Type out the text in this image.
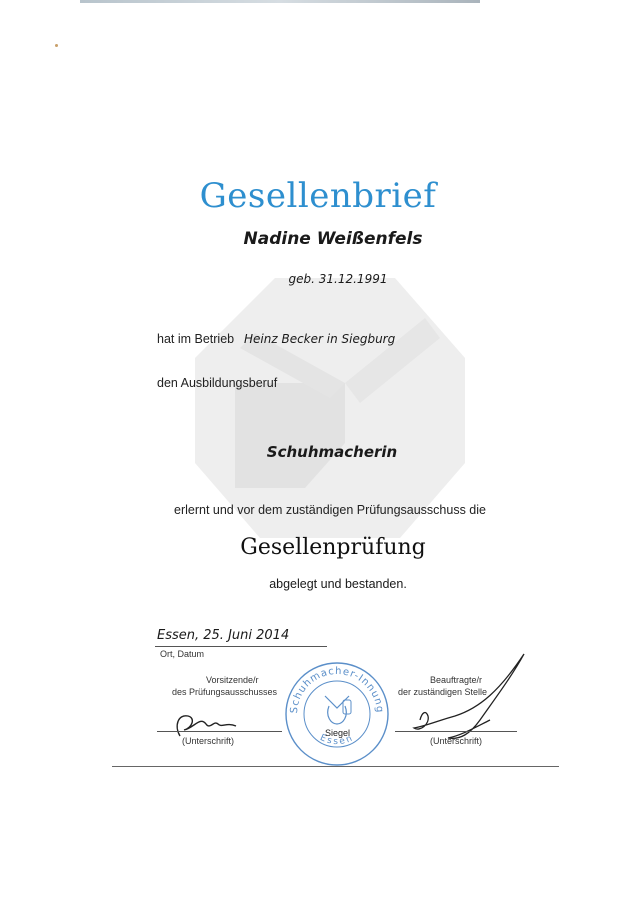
Gesellenbrief
Nadine Weißenfels
geb. 31.12.1991
hat im Betrieb Heinz Becker in Siegburg
den Ausbildungsberuf
Schuhmacherin
erlernt und vor dem zuständigen Prüfungsausschuss die
Gesellenprüfung
abgelegt und bestanden.
Essen, 25. Juni 2014
Ort, Datum
Vorsitzende/r
des Prüfungsausschusses
(Unterschrift)
Schuhmacher-Innung
Essen
Siegel
Beauftragte/r
der zuständigen Stelle
(Unterschrift)
